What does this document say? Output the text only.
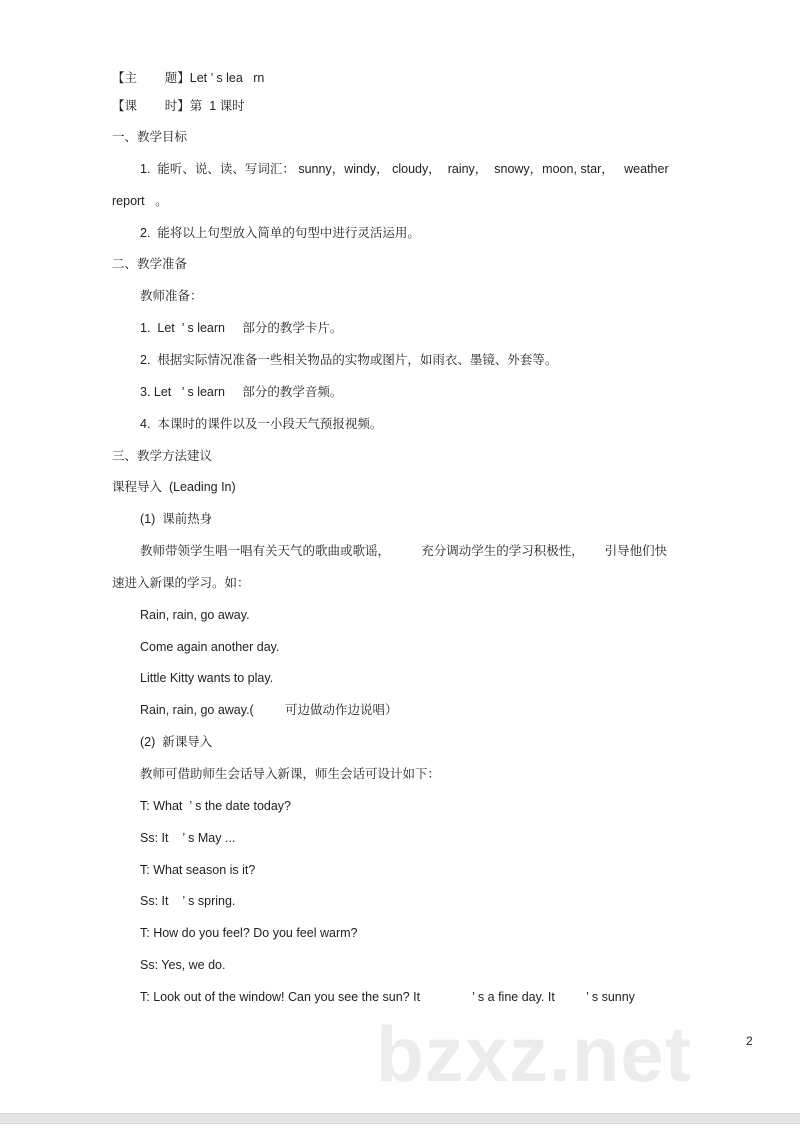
bzxz.net	2
【主        题】Let ’ s lea   rn
【课        时】第  1 课时
一、教学目标
1.  能听、说、读、写词汇： sunny，windy， cloudy，  rainy，  snowy，moon, star，   weather
report   。
2.  能将以上句型放入简单的句型中进行灵活运用。
二、教学准备
教师准备：
1.  Let  ’ s learn     部分的教学卡片。
2.  根据实际情况准备一些相关物品的实物或图片，如雨衣、墨镜、外套等。
3. Let   ’ s learn     部分的教学音频。
4.  本课时的课件以及一小段天气预报视频。
三、教学方法建议
课程导入  (Leading In)
(1)  课前热身
教师带领学生唱一唱有关天气的歌曲或歌谣，         充分调动学生的学习积极性，      引导他们快
速进入新课的学习。如：
Rain, rain, go away.
Come again another day.
Little Kitty wants to play.
Rain, rain, go away.(         可边做动作边说唱）
(2)  新课导入
教师可借助师生会话导入新课，师生会话可设计如下：
T: What  ’ s the date today?
Ss: It    ’ s May ...
T: What season is it?
Ss: It    ’ s spring.
T: How do you feel? Do you feel warm?
Ss: Yes, we do.
T: Look out of the window! Can you see the sun? It               ’ s a fine day. It         ’ s sunny
